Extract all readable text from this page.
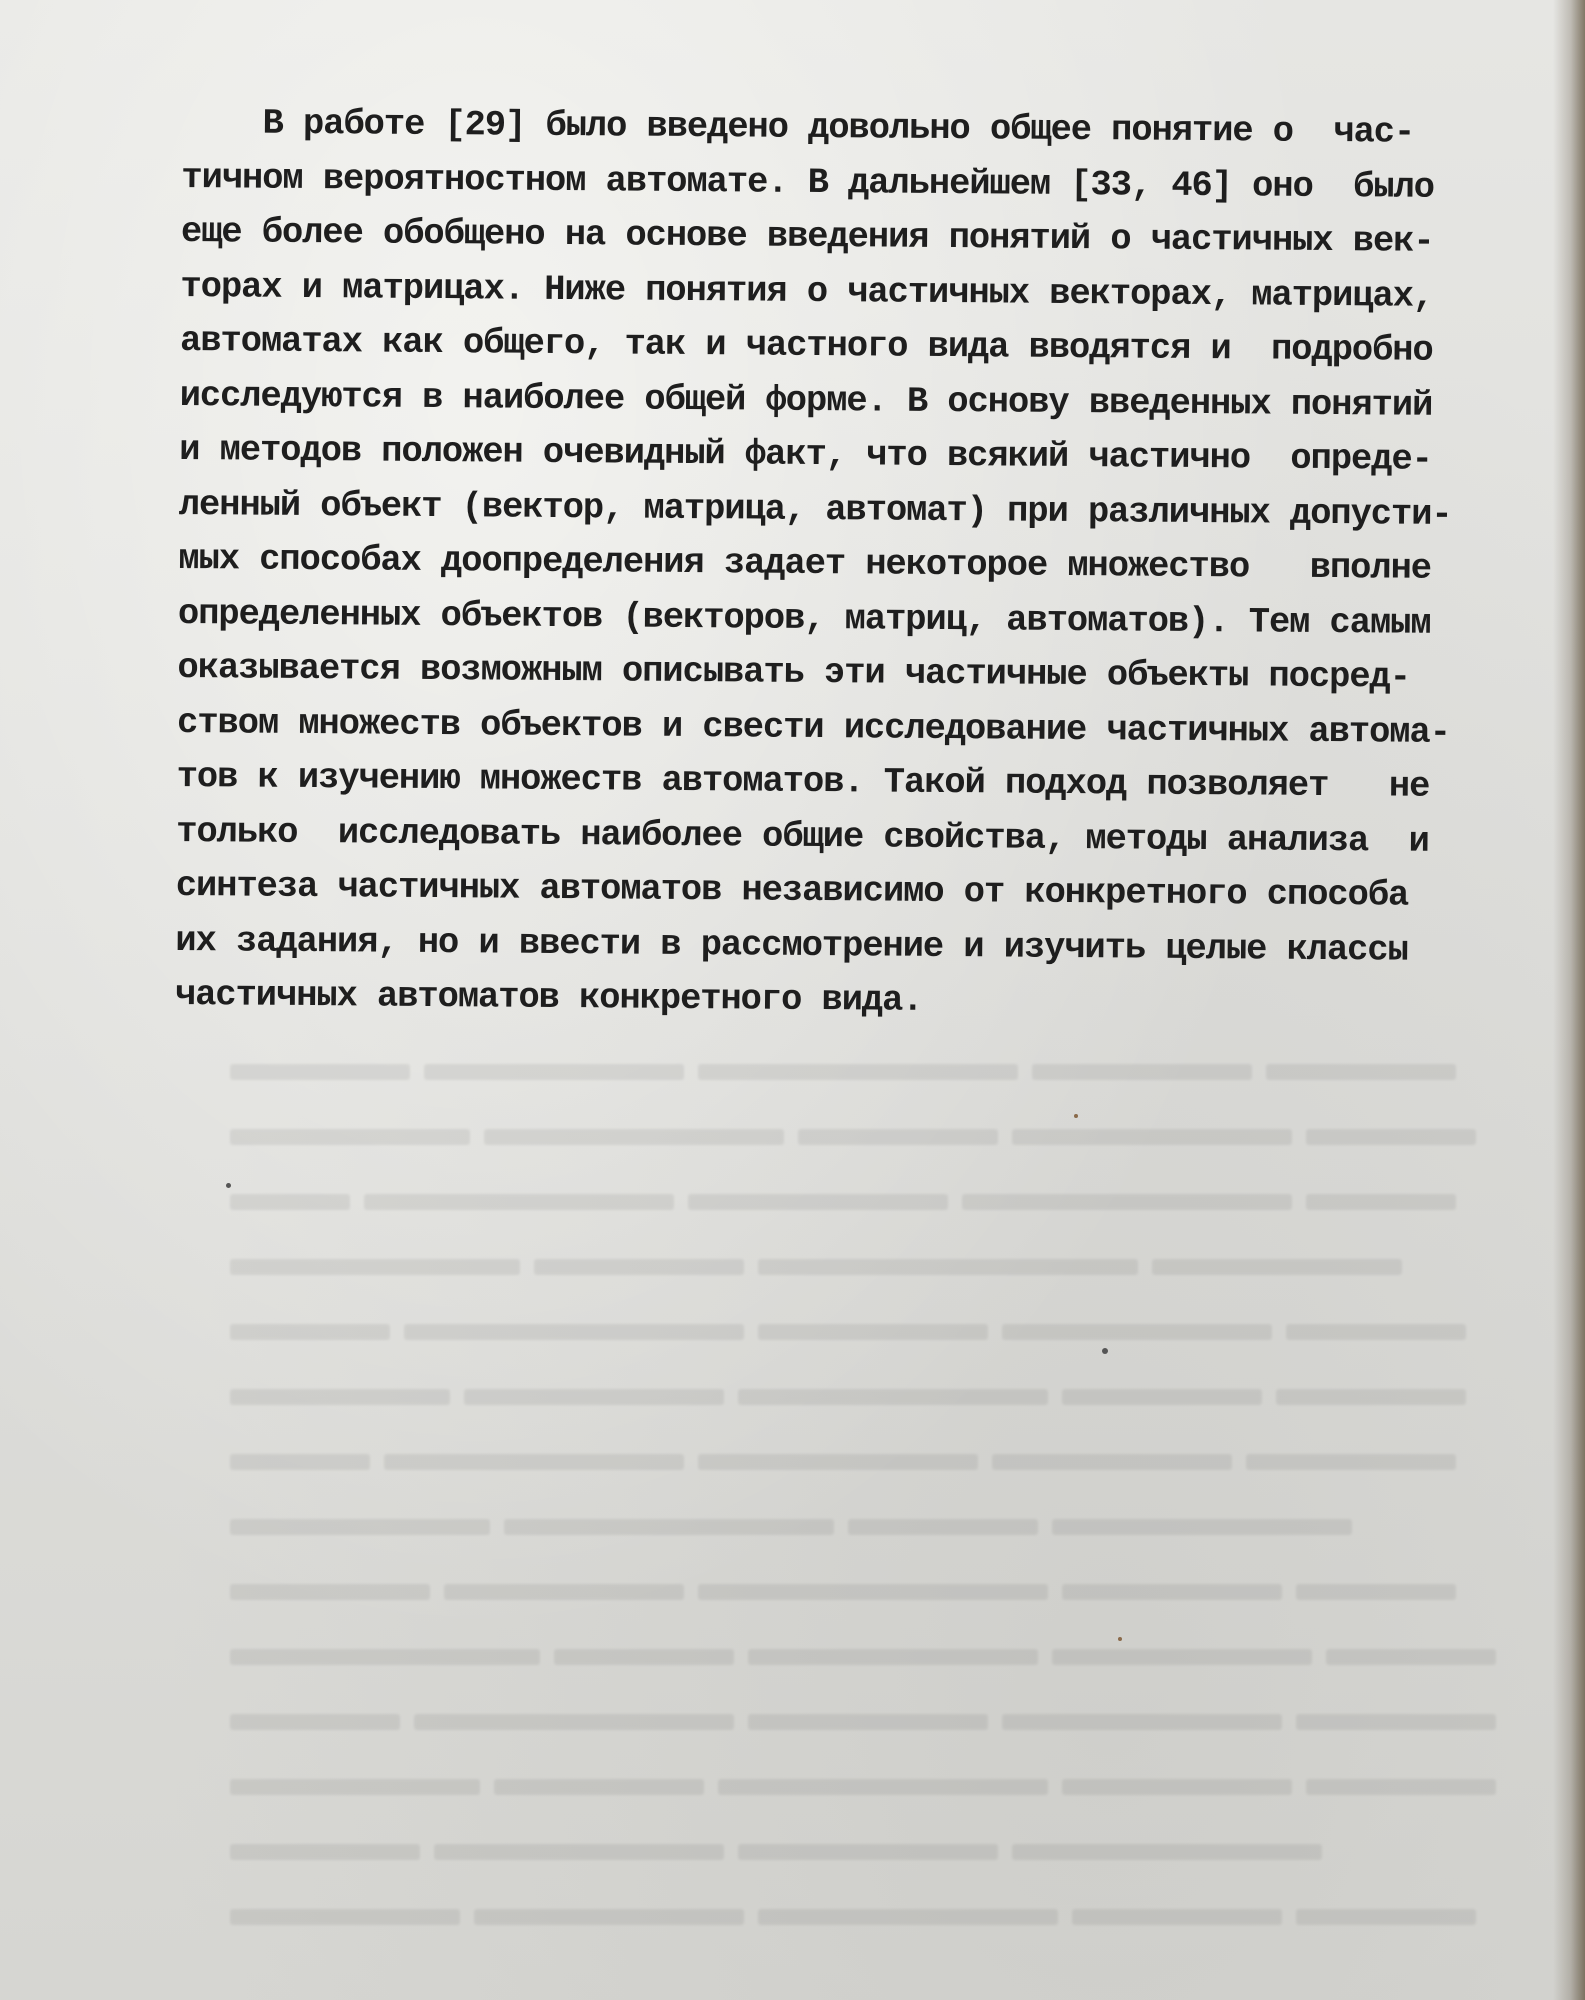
В работе [29] было введено довольно общее понятие о  час-
тичном вероятностном автомате. В дальнейшем [33, 46] оно  было
еще более обобщено на основе введения понятий о частичных век-
торах и матрицах. Ниже понятия о частичных векторах, матрицах,
автоматах как общего, так и частного вида вводятся и  подробно
исследуются в наиболее общей форме. В основу введенных понятий
и методов положен очевидный факт, что всякий частично  опреде-
ленный объект (вектор, матрица, автомат) при различных допусти-
мых способах доопределения задает некоторое множество   вполне
определенных объектов (векторов, матриц, автоматов). Тем самым
оказывается возможным описывать эти частичные объекты посред-
ством множеств объектов и свести исследование частичных автома-
тов к изучению множеств автоматов. Такой подход позволяет   не
только  исследовать наиболее общие свойства, методы анализа  и
синтеза частичных автоматов независимо от конкретного способа
их задания, но и ввести в рассмотрение и изучить целые классы
частичных автоматов конкретного вида.
